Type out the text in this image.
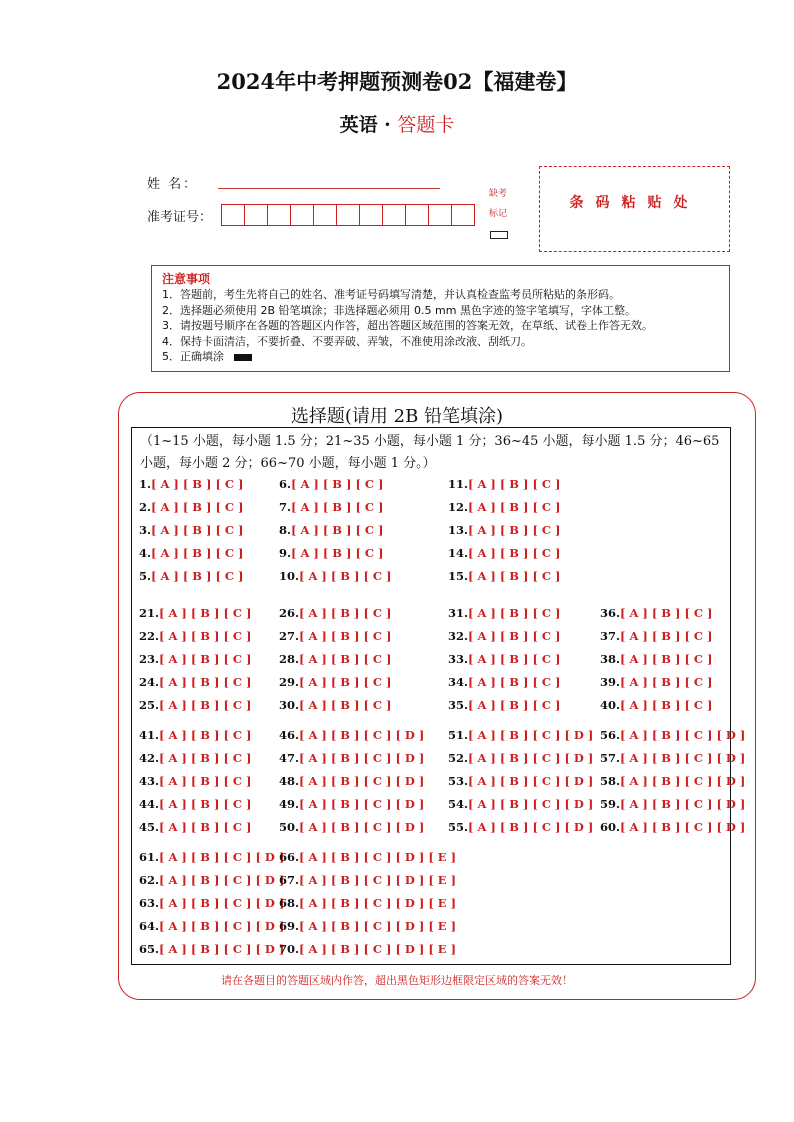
2024年中考押题预测卷02【福建卷】
英语 · 答题卡
姓 名：
准考证号：
缺考
标记
条码粘贴处
注意事项
1．答题前，考生先将自己的姓名、准考证号码填写清楚，并认真检查监考员所粘贴的条形码。
2．选择题必须使用 2B 铅笔填涂；非选择题必须用 0.5 mm 黑色字迹的签字笔填写，字体工整。
3．请按题号顺序在各题的答题区内作答，超出答题区域范围的答案无效，在草纸、试卷上作答无效。
4．保持卡面清洁，不要折叠、不要弄破、弄皱，不准使用涂改液、刮纸刀。
5．正确填涂
选择题(请用 2B 铅笔填涂)
（1~15 小题，每小题 1.5 分；21~35 小题，每小题 1 分；36~45 小题，每小题 1.5 分；46~65 小题，每小题 2 分；66~70 小题，每小题 1 分。）
1.[ A ] [ B ] [ C ]
2.[ A ] [ B ] [ C ]
3.[ A ] [ B ] [ C ]
4.[ A ] [ B ] [ C ]
5.[ A ] [ B ] [ C ]
6.[ A ] [ B ] [ C ]
7.[ A ] [ B ] [ C ]
8.[ A ] [ B ] [ C ]
9.[ A ] [ B ] [ C ]
10.[ A ] [ B ] [ C ]
11.[ A ] [ B ] [ C ]
12.[ A ] [ B ] [ C ]
13.[ A ] [ B ] [ C ]
14.[ A ] [ B ] [ C ]
15.[ A ] [ B ] [ C ]
21.[ A ] [ B ] [ C ]
22.[ A ] [ B ] [ C ]
23.[ A ] [ B ] [ C ]
24.[ A ] [ B ] [ C ]
25.[ A ] [ B ] [ C ]
26.[ A ] [ B ] [ C ]
27.[ A ] [ B ] [ C ]
28.[ A ] [ B ] [ C ]
29.[ A ] [ B ] [ C ]
30.[ A ] [ B ] [ C ]
31.[ A ] [ B ] [ C ]
32.[ A ] [ B ] [ C ]
33.[ A ] [ B ] [ C ]
34.[ A ] [ B ] [ C ]
35.[ A ] [ B ] [ C ]
36.[ A ] [ B ] [ C ]
37.[ A ] [ B ] [ C ]
38.[ A ] [ B ] [ C ]
39.[ A ] [ B ] [ C ]
40.[ A ] [ B ] [ C ]
41.[ A ] [ B ] [ C ]
42.[ A ] [ B ] [ C ]
43.[ A ] [ B ] [ C ]
44.[ A ] [ B ] [ C ]
45.[ A ] [ B ] [ C ]
46.[ A ] [ B ] [ C ] [ D ]
47.[ A ] [ B ] [ C ] [ D ]
48.[ A ] [ B ] [ C ] [ D ]
49.[ A ] [ B ] [ C ] [ D ]
50.[ A ] [ B ] [ C ] [ D ]
51.[ A ] [ B ] [ C ] [ D ]
52.[ A ] [ B ] [ C ] [ D ]
53.[ A ] [ B ] [ C ] [ D ]
54.[ A ] [ B ] [ C ] [ D ]
55.[ A ] [ B ] [ C ] [ D ]
56.[ A ] [ B ] [ C ] [ D ]
57.[ A ] [ B ] [ C ] [ D ]
58.[ A ] [ B ] [ C ] [ D ]
59.[ A ] [ B ] [ C ] [ D ]
60.[ A ] [ B ] [ C ] [ D ]
61.[ A ] [ B ] [ C ] [ D ]
62.[ A ] [ B ] [ C ] [ D ]
63.[ A ] [ B ] [ C ] [ D ]
64.[ A ] [ B ] [ C ] [ D ]
65.[ A ] [ B ] [ C ] [ D ]
66.[ A ] [ B ] [ C ] [ D ] [ E ]
67.[ A ] [ B ] [ C ] [ D ] [ E ]
68.[ A ] [ B ] [ C ] [ D ] [ E ]
69.[ A ] [ B ] [ C ] [ D ] [ E ]
70.[ A ] [ B ] [ C ] [ D ] [ E ]
请在各题目的答题区域内作答，超出黑色矩形边框限定区域的答案无效！
